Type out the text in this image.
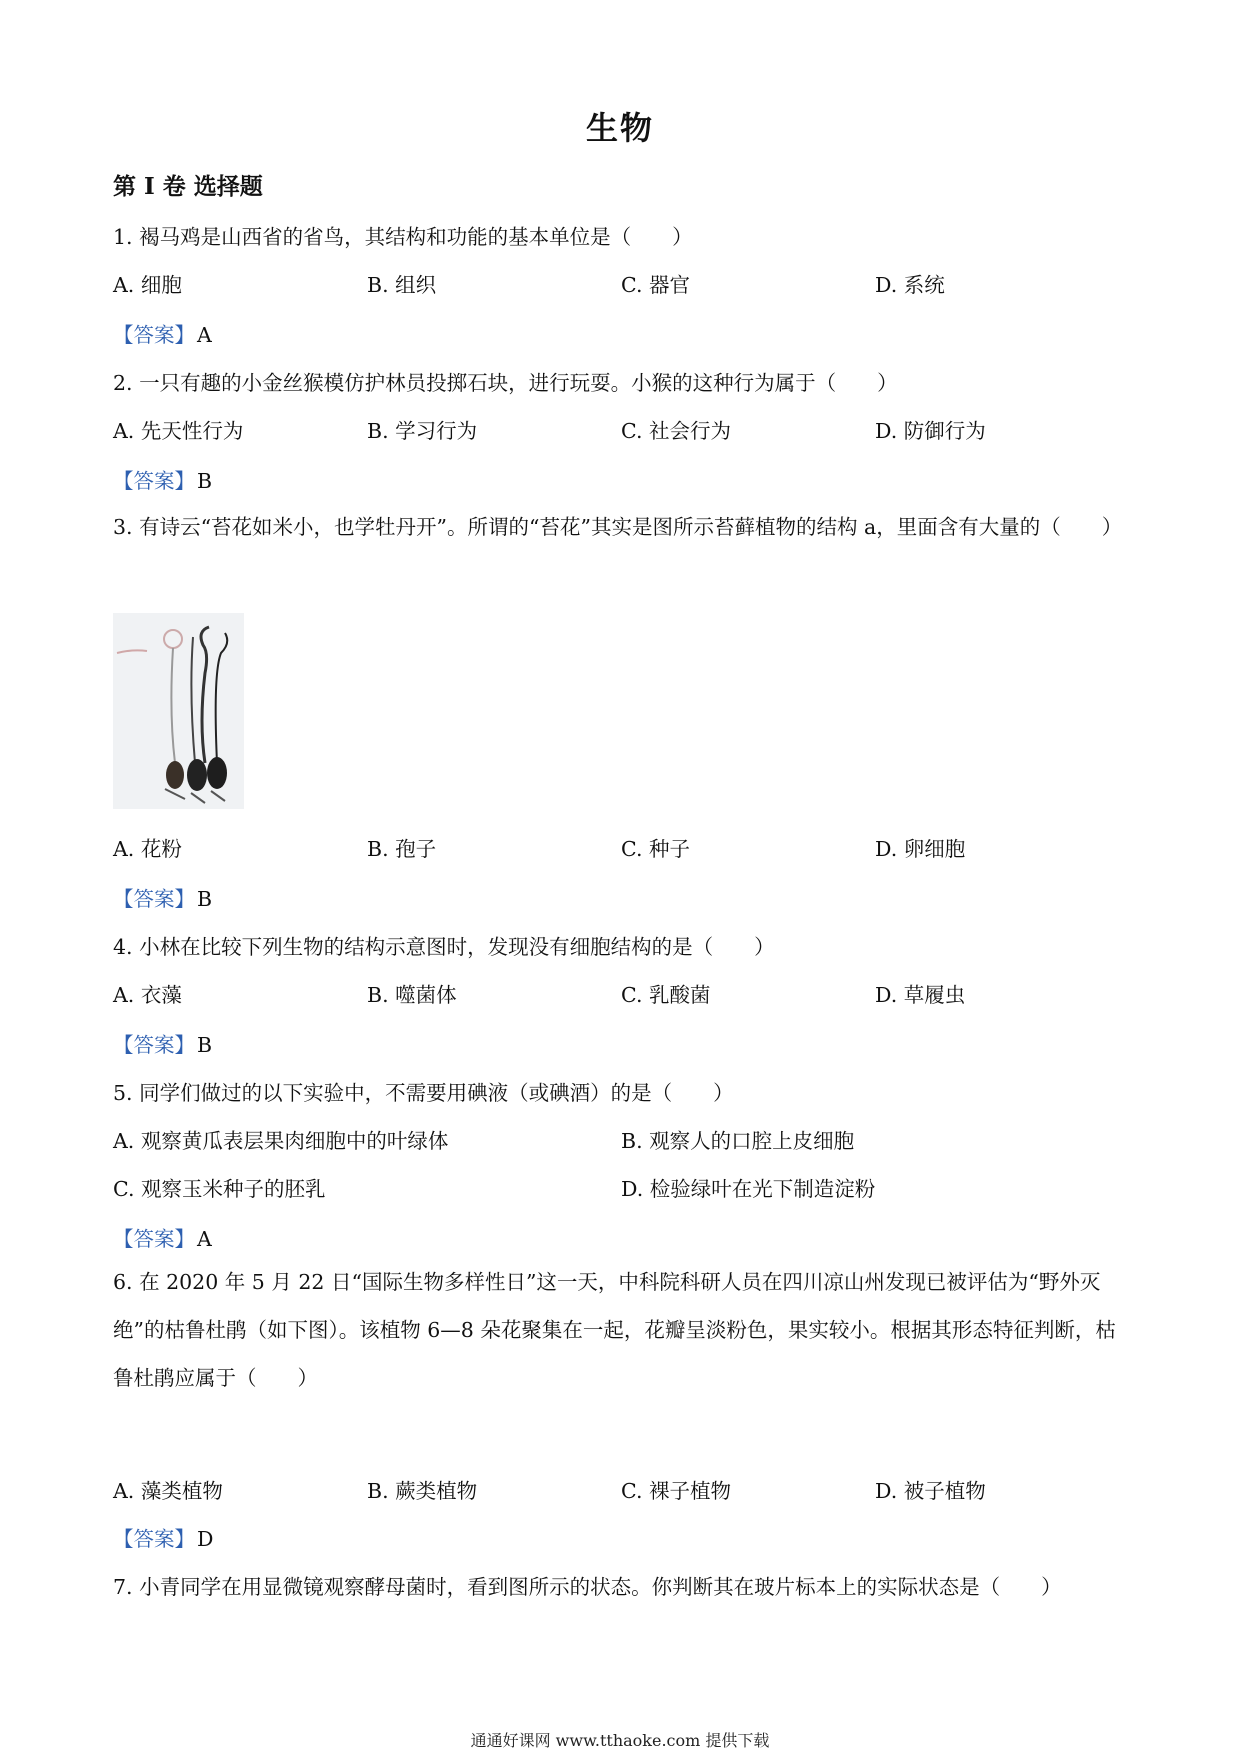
生物
第 I 卷 选择题
1. 褐马鸡是山西省的省鸟，其结构和功能的基本单位是（　　）
A. 细胞	B. 组织	C. 器官	D. 系统
【答案】A
2. 一只有趣的小金丝猴模仿护林员投掷石块，进行玩耍。小猴的这种行为属于（　　）
A. 先天性行为	B. 学习行为	C. 社会行为	D. 防御行为
【答案】B
3. 有诗云“苔花如米小，也学牡丹开”。所谓的“苔花”其实是图所示苔藓植物的结构 a，里面含有大量的（　　）
A. 花粉	B. 孢子	C. 种子	D. 卵细胞
【答案】B
4. 小林在比较下列生物的结构示意图时，发现没有细胞结构的是（　　）
A. 衣藻	B. 噬菌体	C. 乳酸菌	D. 草履虫
【答案】B
5. 同学们做过的以下实验中，不需要用碘液（或碘酒）的是（　　）
A. 观察黄瓜表层果肉细胞中的叶绿体	B. 观察人的口腔上皮细胞
C. 观察玉米种子的胚乳	D. 检验绿叶在光下制造淀粉
【答案】A
6. 在 2020 年 5 月 22 日“国际生物多样性日”这一天，中科院科研人员在四川凉山州发现已被评估为“野外灭绝”的枯鲁杜鹃（如下图）。该植物 6—8 朵花聚集在一起，花瓣呈淡粉色，果实较小。根据其形态特征判断，枯鲁杜鹃应属于（　　）
A. 藻类植物	B. 蕨类植物	C. 裸子植物	D. 被子植物
【答案】D
7. 小青同学在用显微镜观察酵母菌时，看到图所示的状态。你判断其在玻片标本上的实际状态是（　　）
通通好课网 www.tthaoke.com 提供下载
